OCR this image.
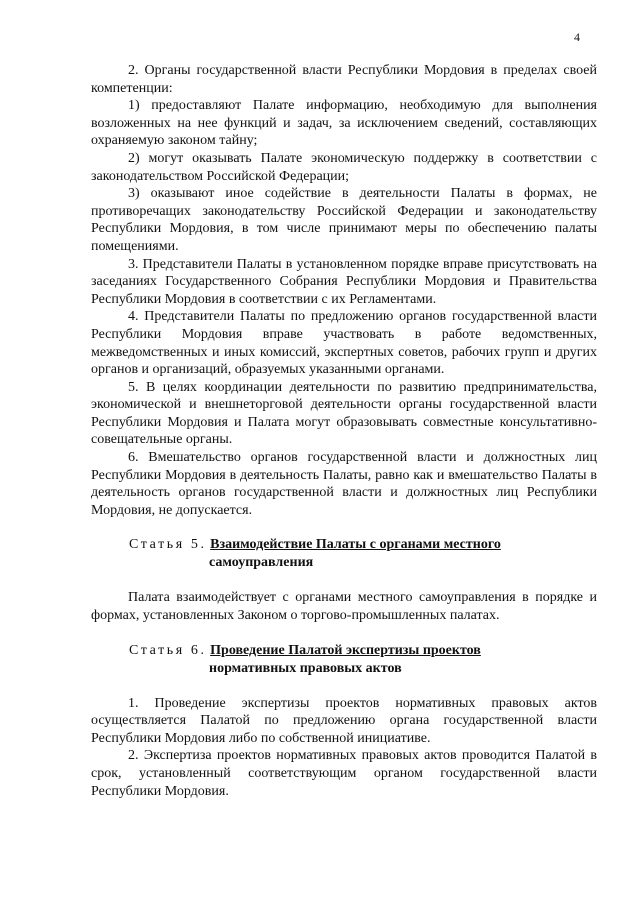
4

2. Органы государственной власти Республики Мордовия в пределах своей компетенции:

1) предоставляют Палате информацию, необходимую для выполнения возложенных на нее функций и задач, за исключением сведений, составляющих охраняемую законом тайну;

2) могут оказывать Палате экономическую поддержку в соответствии с законодательством Российской Федерации;

3) оказывают иное содействие в деятельности Палаты в формах, не противоречащих законодательству Российской Федерации и законодательству Республики Мордовия, в том числе принимают меры по обеспечению палаты помещениями.

3. Представители Палаты в установленном порядке вправе присутствовать на заседаниях Государственного Собрания Республики Мордовия и Правительства Республики Мордовия в соответствии с их Регламентами.

4. Представители Палаты по предложению органов государственной власти Республики Мордовия вправе участвовать в работе ведомственных, межведомственных и иных комиссий, экспертных советов, рабочих групп и других органов и организаций, образуемых указанными органами.

5. В целях координации деятельности по развитию предпринимательства, экономической и внешнеторговой деятельности органы государственной власти Республики Мордовия и Палата могут образовывать совместные консультативно-совещательные органы.

6. Вмешательство органов государственной власти и должностных лиц Республики Мордовия в деятельность Палаты, равно как и вмешательство Палаты в деятельность органов государственной власти и должностных лиц Республики Мордовия, не допускается.

Статья 5. Взаимодействие Палаты с органами местного
самоуправления

Палата взаимодействует с органами местного самоуправления в порядке и формах, установленных Законом о торгово-промышленных палатах.

Статья 6. Проведение Палатой экспертизы проектов
нормативных правовых актов

1. Проведение экспертизы проектов нормативных правовых актов осуществляется Палатой по предложению органа государственной власти Республики Мордовия либо по собственной инициативе.

2. Экспертиза проектов нормативных правовых актов проводится Палатой в срок, установленный соответствующим органом государственной власти Республики Мордовия.
